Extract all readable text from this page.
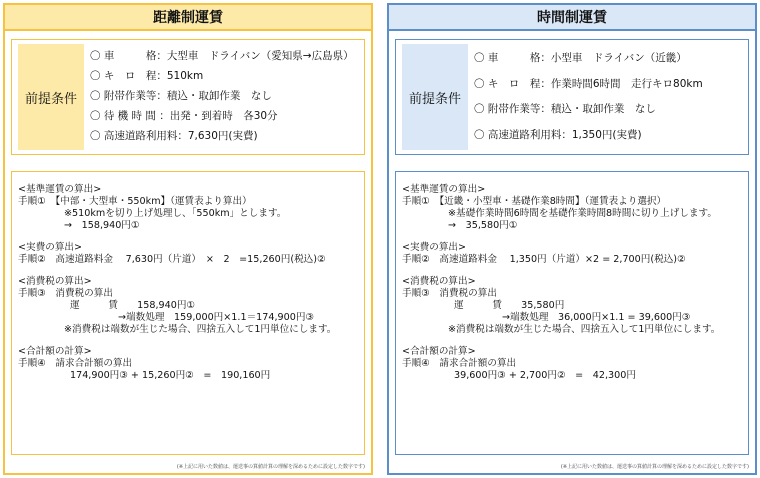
距離制運賃
前提条件
〇 車　　　格：大型車　ドライバン（愛知県→広島県）
〇 キ　ロ　程：510km
〇 附帯作業等：積込・取卸作業　なし
〇 待 機 時 間 ：出発・到着時　各30分
〇 高速道路利用料：7,630円(実費)
<基準運賃の算出>
手順①　【中部・大型車・550km】（運賃表より算出）
※510kmを切り上げ処理し、「550km」とします。
→　158,940円①
<実費の算出>
手順②　高速道路料金　 7,630円（片道）　×　2　=15,260円(税込)②
<消費税の算出>
手順③　消費税の算出
運　　　賃　　158,940円①
→端数処理　159,000円×1.1＝174,900円③
※消費税は端数が生じた場合、四捨五入して1円単位にします。
<合計額の計算>
手順④　請求合計額の算出
174,900円③ + 15,260円②　=　190,160円
(※上記に用いた数値は、運送事の算値計算の理解を深めるために設定した数字です)
時間制運賃
前提条件
〇 車　　　格：小型車　ドライバン（近畿）
〇 キ　ロ　程：作業時間6時間　走行キロ80km
〇 附帯作業等：積込・取卸作業　なし
〇 高速道路利用料：1,350円(実費)
<基準運賃の算出>
手順①　【近畿・小型車・基礎作業8時間】（運賃表より選択）
※基礎作業時間6時間を基礎作業時間8時間に切り上げします。
→　35,580円①
<実費の算出>
手順②　高速道路料金　 1,350円（片道）×2 = 2,700円(税込)②
<消費税の算出>
手順③　消費税の算出
運　　　賃　　35,580円
→端数処理　36,000円×1.1 = 39,600円③
※消費税は端数が生じた場合、四捨五入して1円単位にします。
<合計額の計算>
手順④　請求合計額の算出
39,600円③ + 2,700円②　=　42,300円
(※上記に用いた数値は、運送事の算値計算の理解を深めるために設定した数字です)
